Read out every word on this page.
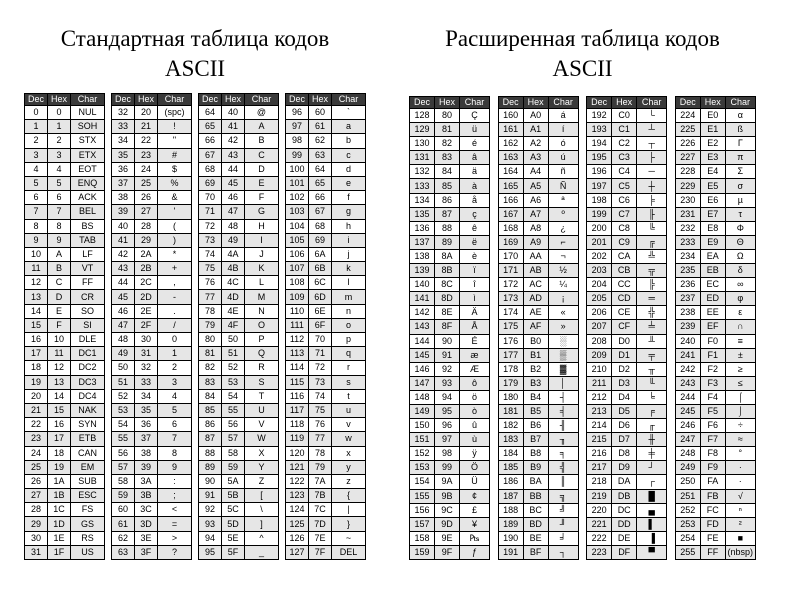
Стандартная таблица кодов
ASCII
Расширенная таблица кодов
ASCII
Dec	Hex	Char
0	0	NUL
1	1	SOH
2	2	STX
3	3	ETX
4	4	EOT
5	5	ENQ
6	6	ACK
7	7	BEL
8	8	BS
9	9	TAB
10	A	LF
11	B	VT
12	C	FF
13	D	CR
14	E	SO
15	F	SI
16	10	DLE
17	11	DC1
18	12	DC2
19	13	DC3
20	14	DC4
21	15	NAK
22	16	SYN
23	17	ETB
24	18	CAN
25	19	EM
26	1A	SUB
27	1B	ESC
28	1C	FS
29	1D	GS
30	1E	RS
31	1F	US
Dec	Hex	Char
32	20	(spc)
33	21	!
34	22	"
35	23	#
36	24	$
37	25	%
38	26	&
39	27	'
40	28	(
41	29	)
42	2A	*
43	2B	+
44	2C	,
45	2D	-
46	2E	.
47	2F	/
48	30	0
49	31	1
50	32	2
51	33	3
52	34	4
53	35	5
54	36	6
55	37	7
56	38	8
57	39	9
58	3A	:
59	3B	;
60	3C	<
61	3D	=
62	3E	>
63	3F	?
Dec	Hex	Char
64	40	@
65	41	A
66	42	B
67	43	C
68	44	D
69	45	E
70	46	F
71	47	G
72	48	H
73	49	I
74	4A	J
75	4B	K
76	4C	L
77	4D	M
78	4E	N
79	4F	O
80	50	P
81	51	Q
82	52	R
83	53	S
84	54	T
85	55	U
86	56	V
87	57	W
88	58	X
89	59	Y
90	5A	Z
91	5B	[
92	5C	\
93	5D	]
94	5E	^
95	5F	_
Dec	Hex	Char
96	60	`
97	61	a
98	62	b
99	63	c
100	64	d
101	65	e
102	66	f
103	67	g
104	68	h
105	69	i
106	6A	j
107	6B	k
108	6C	l
109	6D	m
110	6E	n
111	6F	o
112	70	p
113	71	q
114	72	r
115	73	s
116	74	t
117	75	u
118	76	v
119	77	w
120	78	x
121	79	y
122	7A	z
123	7B	{
124	7C	|
125	7D	}
126	7E	~
127	7F	DEL
Dec	Hex	Char
128	80	Ç
129	81	ü
130	82	é
131	83	â
132	84	ä
133	85	à
134	86	å
135	87	ç
136	88	ê
137	89	ë
138	8A	è
139	8B	ï
140	8C	î
141	8D	ì
142	8E	Ä
143	8F	Å
144	90	É
145	91	æ
146	92	Æ
147	93	ô
148	94	ö
149	95	ò
150	96	û
151	97	ù
152	98	ÿ
153	99	Ö
154	9A	Ü
155	9B	¢
156	9C	£
157	9D	¥
158	9E	₧
159	9F	ƒ
Dec	Hex	Char
160	A0	á
161	A1	í
162	A2	ó
163	A3	ú
164	A4	ñ
165	A5	Ñ
166	A6	ª
167	A7	º
168	A8	¿
169	A9	⌐
170	AA	¬
171	AB	½
172	AC	¼
173	AD	¡
174	AE	«
175	AF	»
176	B0	░
177	B1	▒
178	B2	▓
179	B3	│
180	B4	┤
181	B5	╡
182	B6	╢
183	B7	╖
184	B8	╕
185	B9	╣
186	BA	║
187	BB	╗
188	BC	╝
189	BD	╜
190	BE	╛
191	BF	┐
Dec	Hex	Char
192	C0	└
193	C1	┴
194	C2	┬
195	C3	├
196	C4	─
197	C5	┼
198	C6	╞
199	C7	╟
200	C8	╚
201	C9	╔
202	CA	╩
203	CB	╦
204	CC	╠
205	CD	═
206	CE	╬
207	CF	╧
208	D0	╨
209	D1	╤
210	D2	╥
211	D3	╙
212	D4	╘
213	D5	╒
214	D6	╓
215	D7	╫
216	D8	╪
217	D9	┘
218	DA	┌
219	DB	█
220	DC	▄
221	DD	▌
222	DE	▐
223	DF	▀
Dec	Hex	Char
224	E0	α
225	E1	ß
226	E2	Γ
227	E3	π
228	E4	Σ
229	E5	σ
230	E6	µ
231	E7	τ
232	E8	Φ
233	E9	Θ
234	EA	Ω
235	EB	δ
236	EC	∞
237	ED	φ
238	EE	ε
239	EF	∩
240	F0	≡
241	F1	±
242	F2	≥
243	F3	≤
244	F4	⌠
245	F5	⌡
246	F6	÷
247	F7	≈
248	F8	°
249	F9	∙
250	FA	·
251	FB	√
252	FC	ⁿ
253	FD	²
254	FE	■
255	FF	(nbsp)
